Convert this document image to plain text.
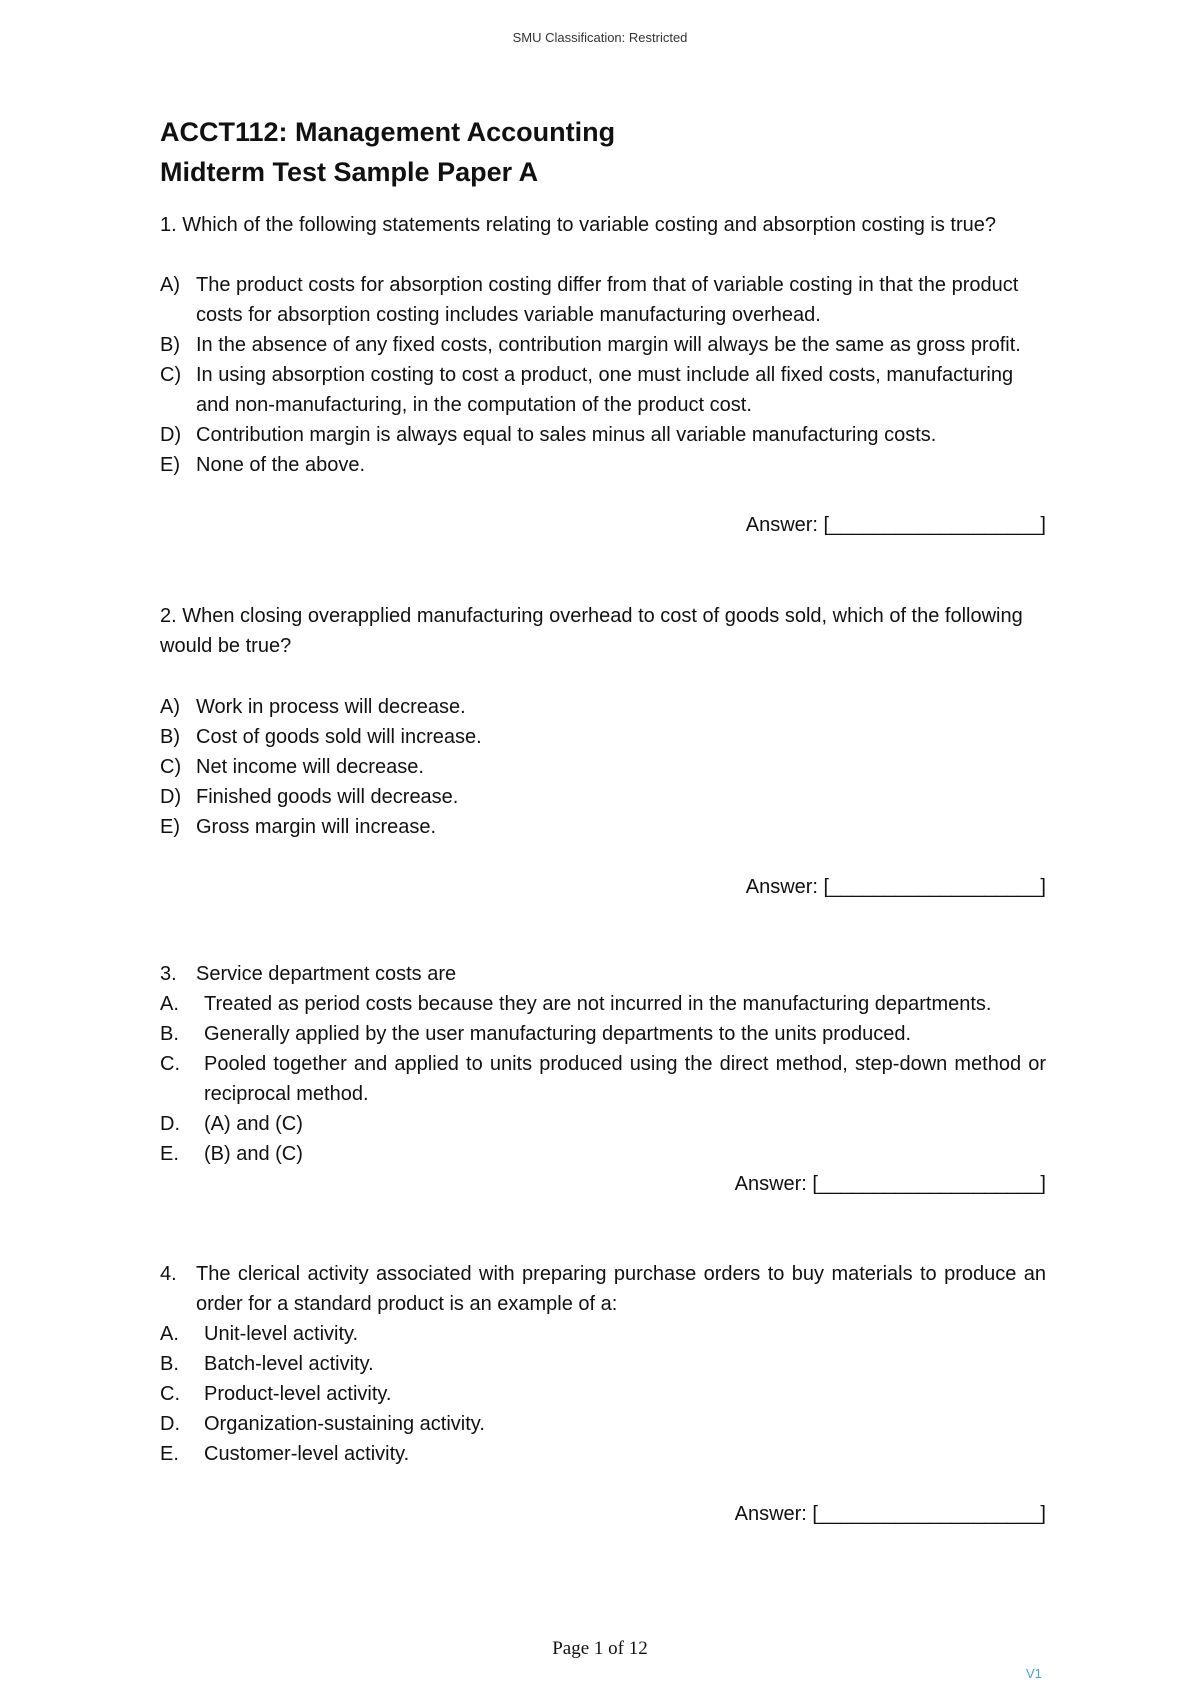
SMU Classification: Restricted

ACCT112: Management Accounting

Midterm Test Sample Paper A

1. Which of the following statements relating to variable costing and absorption costing is true?

A) The product costs for absorption costing differ from that of variable costing in that the product costs for absorption costing includes variable manufacturing overhead.
B) In the absence of any fixed costs, contribution margin will always be the same as gross profit.
C) In using absorption costing to cost a product, one must include all fixed costs, manufacturing and non-manufacturing, in the computation of the product cost.
D) Contribution margin is always equal to sales minus all variable manufacturing costs.
E) None of the above.

Answer: [___________________]

2. When closing overapplied manufacturing overhead to cost of goods sold, which of the following would be true?

A) Work in process will decrease.
B) Cost of goods sold will increase.
C) Net income will decrease.
D) Finished goods will decrease.
E) Gross margin will increase.

Answer: [___________________]

3. Service department costs are
A.	Treated as period costs because they are not incurred in the manufacturing departments.
B.	Generally applied by the user manufacturing departments to the units produced.
C.	Pooled together and applied to units produced using the direct method, step-down method or reciprocal method.
D.	(A) and (C)
E.	(B) and (C)

Answer: [____________________]

4. The clerical activity associated with preparing purchase orders to buy materials to produce an order for a standard product is an example of a:
A.	Unit-level activity.
B.	Batch-level activity.
C.	Product-level activity.
D.	Organization-sustaining activity.
E.	Customer-level activity.

Answer: [____________________]

Page 1 of 12
V1
